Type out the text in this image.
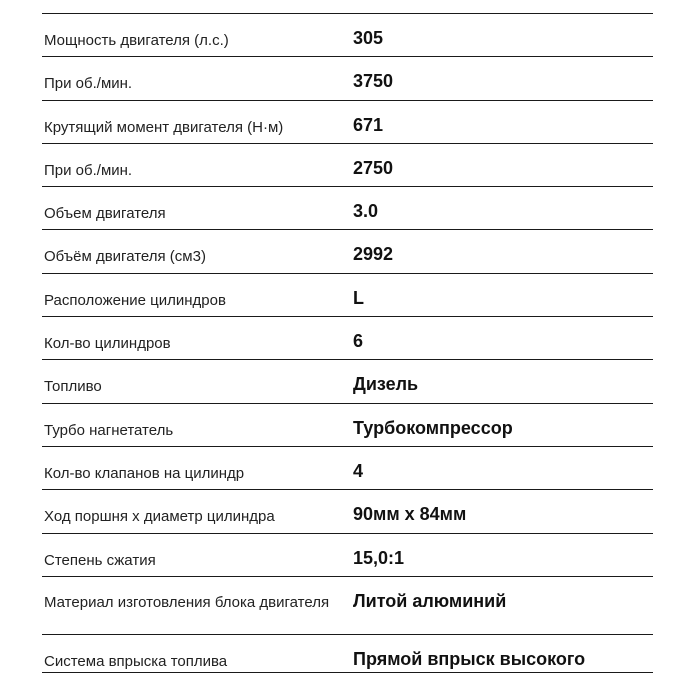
Мощность двигателя (л.с.)	305
При об./мин.	3750
Крутящий момент двигателя (Н·м)	671
При об./мин.	2750
Объем двигателя	3.0
Объём двигателя (см3)	2992
Расположение цилиндров	L
Кол-во цилиндров	6
Топливо	Дизель
Турбо нагнетатель	Турбокомпрессор
Кол-во клапанов на цилиндр	4
Ход поршня x диаметр цилиндра	90мм x 84мм
Степень сжатия	15,0:1
Материал изготовления блока двигателя	Литой алюминий
Система впрыска топлива	Прямой впрыск высокого
